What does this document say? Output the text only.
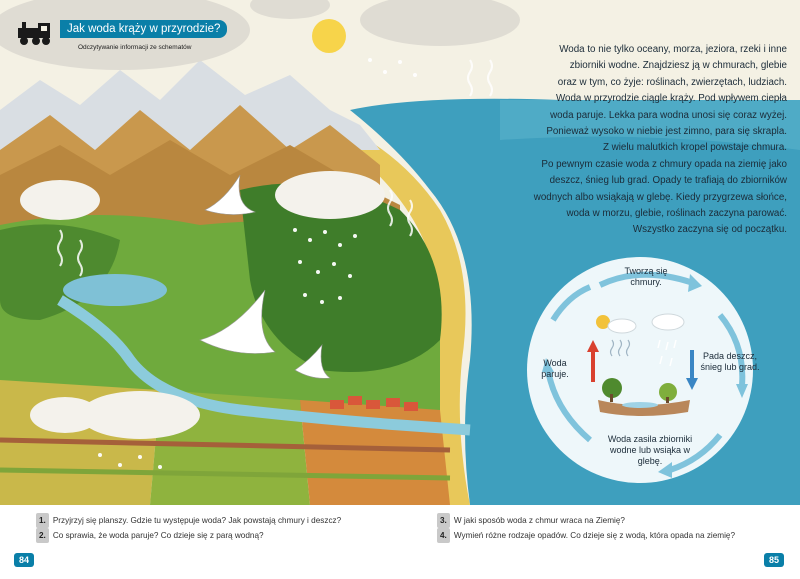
Jak woda krąży w przyrodzie?
Odczytywanie informacji ze schematów	Woda to nie tylko oceany, morza, jeziora, rzeki i inne
zbiorniki wodne. Znajdziesz ją w chmurach, glebie
oraz w tym, co żyje: roślinach, zwierzętach, ludziach.
Woda w przyrodzie ciągle krąży. Pod wpływem ciepła
woda paruje. Lekka para wodna unosi się coraz wyżej.
Ponieważ wysoko w niebie jest zimno, para się skrapla.
Z wielu malutkich kropel powstaje chmura.
Po pewnym czasie woda z chmury opada na ziemię jako
deszcz, śnieg lub grad. Opady te trafiają do zbiorników
wodnych albo wsiąkają w glebę. Kiedy przygrzewa słońce,
woda w morzu, glebie, roślinach zaczyna parować.
Wszystko zaczyna się od początku.
Tworzą się chmury.
Pada deszcz, śnieg lub grad.
Woda zasila zbiorniki wodne lub wsiąka w glebę.
Woda paruje.
1. Przyjrzyj się planszy. Gdzie tu występuje woda? Jak powstają chmury i deszcz?
2. Co sprawia, że woda paruje? Co dzieje się z parą wodną?
3. W jaki sposób woda z chmur wraca na Ziemię?
4. Wymień różne rodzaje opadów. Co dzieje się z wodą, która opada na ziemię?
84	85
